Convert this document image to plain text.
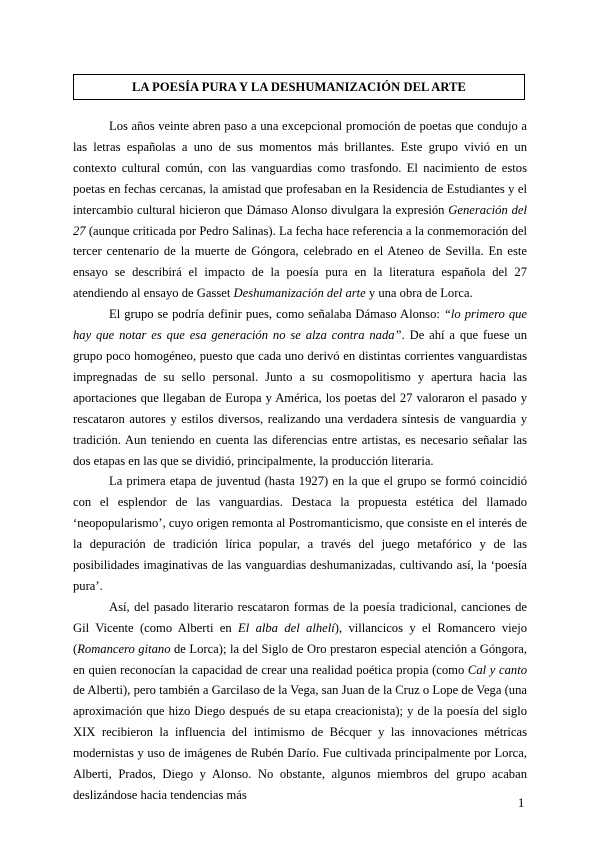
LA POESÍA PURA Y LA DESHUMANIZACIÓN DEL ARTE

Los años veinte abren paso a una excepcional promoción de poetas que condujo a las letras españolas a uno de sus momentos más brillantes. Este grupo vivió en un contexto cultural común, con las vanguardias como trasfondo. El nacimiento de estos poetas en fechas cercanas, la amistad que profesaban en la Residencia de Estudiantes y el intercambio cultural hicieron que Dámaso Alonso divulgara la expresión Generación del 27 (aunque criticada por Pedro Salinas). La fecha hace referencia a la conmemoración del tercer centenario de la muerte de Góngora, celebrado en el Ateneo de Sevilla. En este ensayo se describirá el impacto de la poesía pura en la literatura española del 27 atendiendo al ensayo de Gasset Deshumanización del arte y una obra de Lorca.

El grupo se podría definir pues, como señalaba Dámaso Alonso: “lo primero que hay que notar es que esa generación no se alza contra nada”. De ahí a que fuese un grupo poco homogéneo, puesto que cada uno derivó en distintas corrientes vanguardistas impregnadas de su sello personal. Junto a su cosmopolitismo y apertura hacia las aportaciones que llegaban de Europa y América, los poetas del 27 valoraron el pasado y rescataron autores y estilos diversos, realizando una verdadera síntesis de vanguardia y tradición. Aun teniendo en cuenta las diferencias entre artistas, es necesario señalar las dos etapas en las que se dividió, principalmente, la producción literaria.

La primera etapa de juventud (hasta 1927) en la que el grupo se formó coincidió con el esplendor de las vanguardias. Destaca la propuesta estética del llamado ‘neopopularismo’, cuyo origen remonta al Postromanticismo, que consiste en el interés de la depuración de tradición lírica popular, a través del juego metafórico y de las posibilidades imaginativas de las vanguardias deshumanizadas, cultivando así, la ‘poesía pura’.

Así, del pasado literario rescataron formas de la poesía tradicional, canciones de Gil Vicente (como Alberti en El alba del alhelí), villancicos y el Romancero viejo (Romancero gitano de Lorca); la del Siglo de Oro prestaron especial atención a Góngora, en quien reconocían la capacidad de crear una realidad poética propia (como Cal y canto de Alberti), pero también a Garcilaso de la Vega, san Juan de la Cruz o Lope de Vega (una aproximación que hizo Diego después de su etapa creacionista); y de la poesía del siglo XIX recibieron la influencia del intimismo de Bécquer y las innovaciones métricas modernistas y uso de imágenes de Rubén Darío. Fue cultivada principalmente por Lorca, Alberti, Prados, Diego y Alonso. No obstante, algunos miembros del grupo acaban deslizándose hacia tendencias más

1
